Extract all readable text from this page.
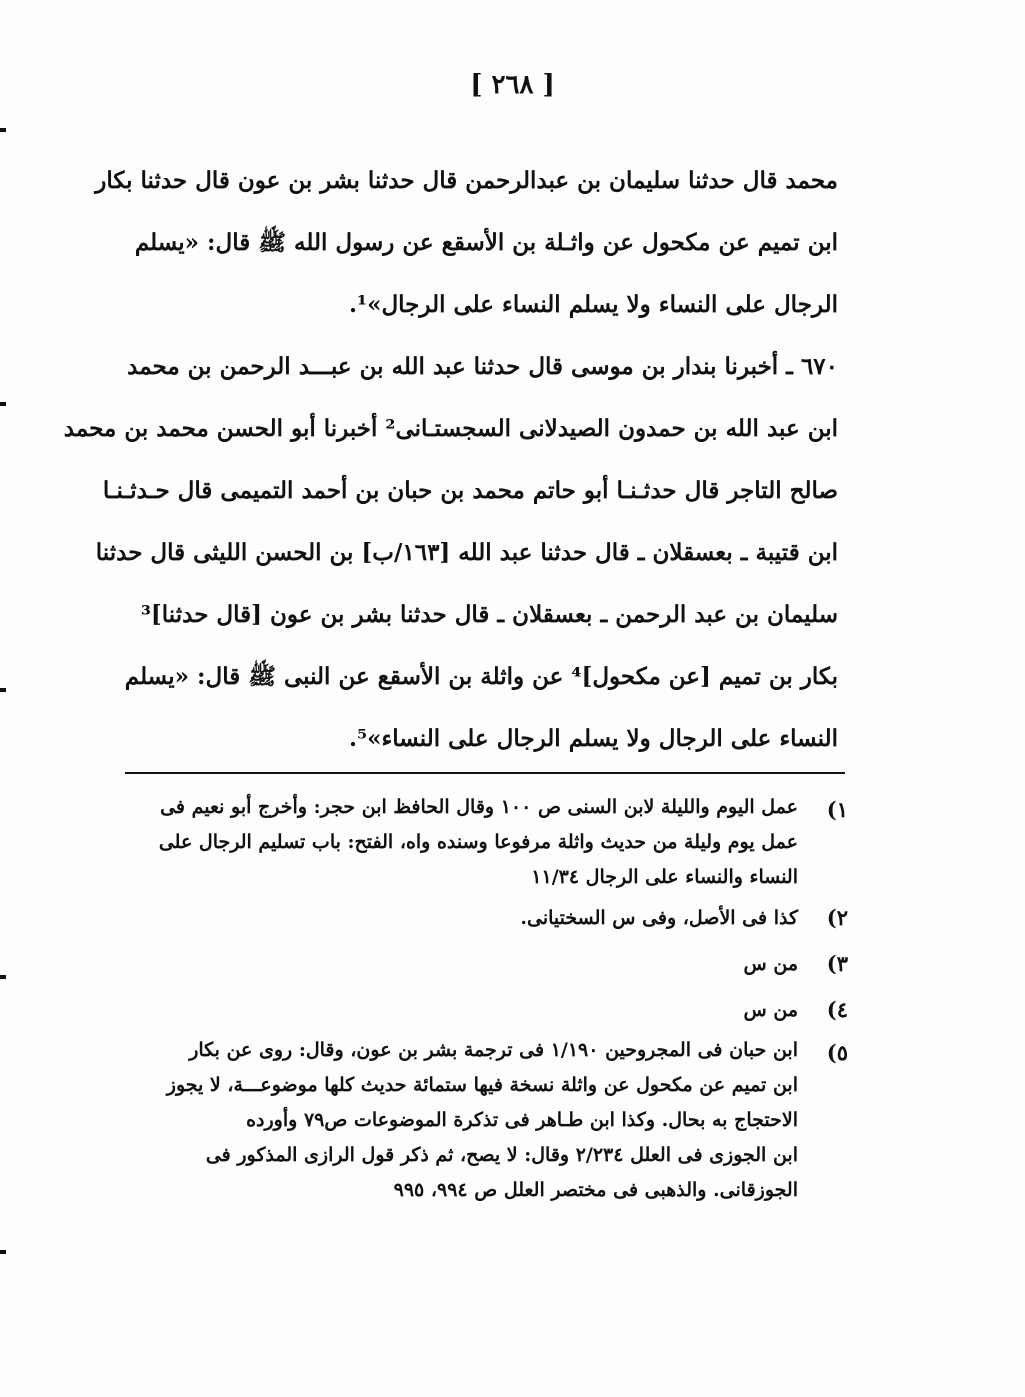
[ ٢٦٨ ]
محمد قال حدثنا سليمان بن عبدالرحمن قال حدثنا بشر بن عون قال حدثنا بكار
ابن تميم عن مكحول عن واثـلة بن الأسقع عن رسول الله ﷺ قال: «يسلم
الرجال على النساء ولا يسلم النساء على الرجال»¹.
٦٧٠ ـ أخبرنا بندار بن موسى قال حدثنا عبد الله بن عبـــد الرحمن بن محمد
ابن عبد الله بن حمدون الصيدلانى السجستـانى² أخبرنا أبو الحسن محمد بن محمد
صالح التاجر قال حدثـنـا أبو حاتم محمد بن حبان بن أحمد التميمى قال حـدثـنـا
ابن قتيبة ـ بعسقلان ـ قال حدثنا عبد الله [١٦٣/ب] بن الحسن الليثى قال حدثنا
سليمان بن عبد الرحمن ـ بعسقلان ـ قال حدثنا بشر بن عون [قال حدثنا]³
بكار بن تميم [عن مكحول]⁴ عن واثلة بن الأسقع عن النبى ﷺ قال: «يسلم
النساء على الرجال ولا يسلم الرجال على النساء»⁵.
١)
عمل اليوم والليلة لابن السنى ص ١٠٠ وقال الحافظ ابن حجر: وأخرج أبو نعيم فى
عمل يوم وليلة من حديث واثلة مرفوعا وسنده واه، الفتح: باب تسليم الرجال على
النساء والنساء على الرجال ١١/٣٤
٢)
كذا فى الأصل، وفى س السختيانى.
٣)
من س
٤)
من س
٥)
ابن حبان فى المجروحين ١/١٩٠ فى ترجمة بشر بن عون، وقال: روى عن بكار
ابن تميم عن مكحول عن واثلة نسخة فيها ستمائة حديث كلها موضوعـــة، لا يجوز
الاحتجاج به بحال. وكذا ابن طـاهر فى تذكرة الموضوعات ص٧٩ وأورده
ابن الجوزى فى العلل ٢/٢٣٤ وقال: لا يصح، ثم ذكر قول الرازى المذكور فى
الجوزقانى. والذهبى فى مختصر العلل ص ٩٩٤، ٩٩٥
